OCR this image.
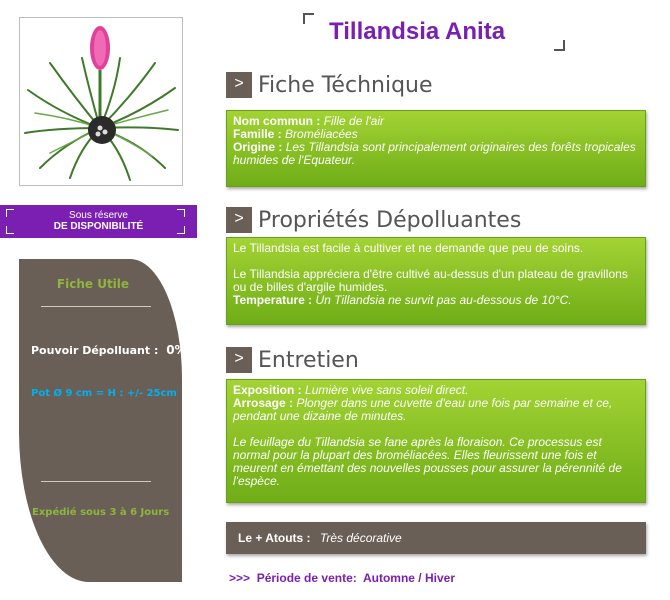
Sous réserve
DE DISPONIBILITÉ
Fiche Utile
Pouvoir Dépolluant : 0%
Pot Ø 9 cm = H : +/- 25cm
Expédié sous 3 à 6 Jours
Tillandsia Anita
> Fiche Téchnique
Nom commun : Fille de l'air
Famille : Broméliacées
Origine : Les Tillandsia sont principalement originaires des forêts tropicales humides de l'Equateur.
> Propriétés Dépolluantes
Le Tillandsia est facile à cultiver et ne demande que peu de soins.
Le Tillandsia appréciera d'être cultivé au-dessus d'un plateau de gravillons ou de billes d'argile humides.
Temperature : Un Tillandsia ne survit pas au-dessous de 10°C.
> Entretien
Exposition : Lumière vive sans soleil direct.
Arrosage : Plonger dans une cuvette d'eau une fois par semaine et ce, pendant une dizaine de minutes.
Le feuillage du Tillandsia se fane après la floraison. Ce processus est normal pour la plupart des broméliacées. Elles fleurissent une fois et meurent en émettant des nouvelles pousses pour assurer la pérennité de l'espèce.
Le + Atouts : Très décorative
>>> Période de vente: Automne / Hiver
